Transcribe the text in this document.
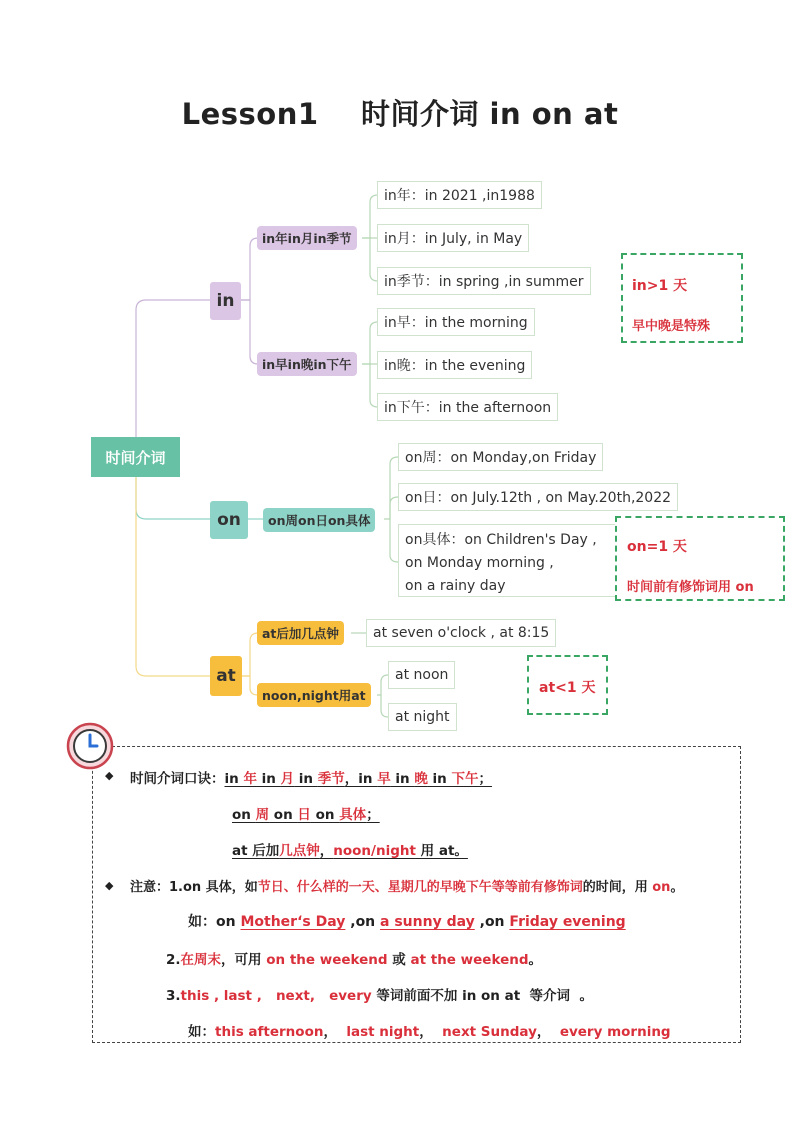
Lesson1 时间介词 in on at
时间介词
in
in年in月in季节
in早in晚in下午
in年：in 2021 ,in1988
in月：in July, in May
in季节：in spring ,in summer
in早：in the morning
in晚：in the evening
in下午：in the afternoon
in>1 天
早中晚是特殊
on	on周on日on具体
on周：on Monday,on Friday
on日：on July.12th , on May.20th,2022
on具体：on Children's Day ,
on Monday morning ,
on a rainy day
on=1 天
时间前有修饰词用 on
at
at后加几点钟
noon,night用at
at seven o'clock , at 8:15
at noon
at night
at<1 天
◆ 时间介词口诀：in 年 in 月 in 季节，in 早 in 晚 in 下午；
on 周 on 日 on 具体；
at 后加几点钟，noon/night 用 at。
◆ 注意：1.on 具体，如节日、什么样的一天、星期几的早晚下午等等前有修饰词的时间，用 on。
如：on Mother‘s Day ,on a sunny day ,on Friday evening
2.在周末，可用 on the weekend 或 at the weekend。
3.this , last ,   next,   every 等词前面不加 in on at  等介词  。
如：this afternoon，  last night，  next Sunday，  every morning
